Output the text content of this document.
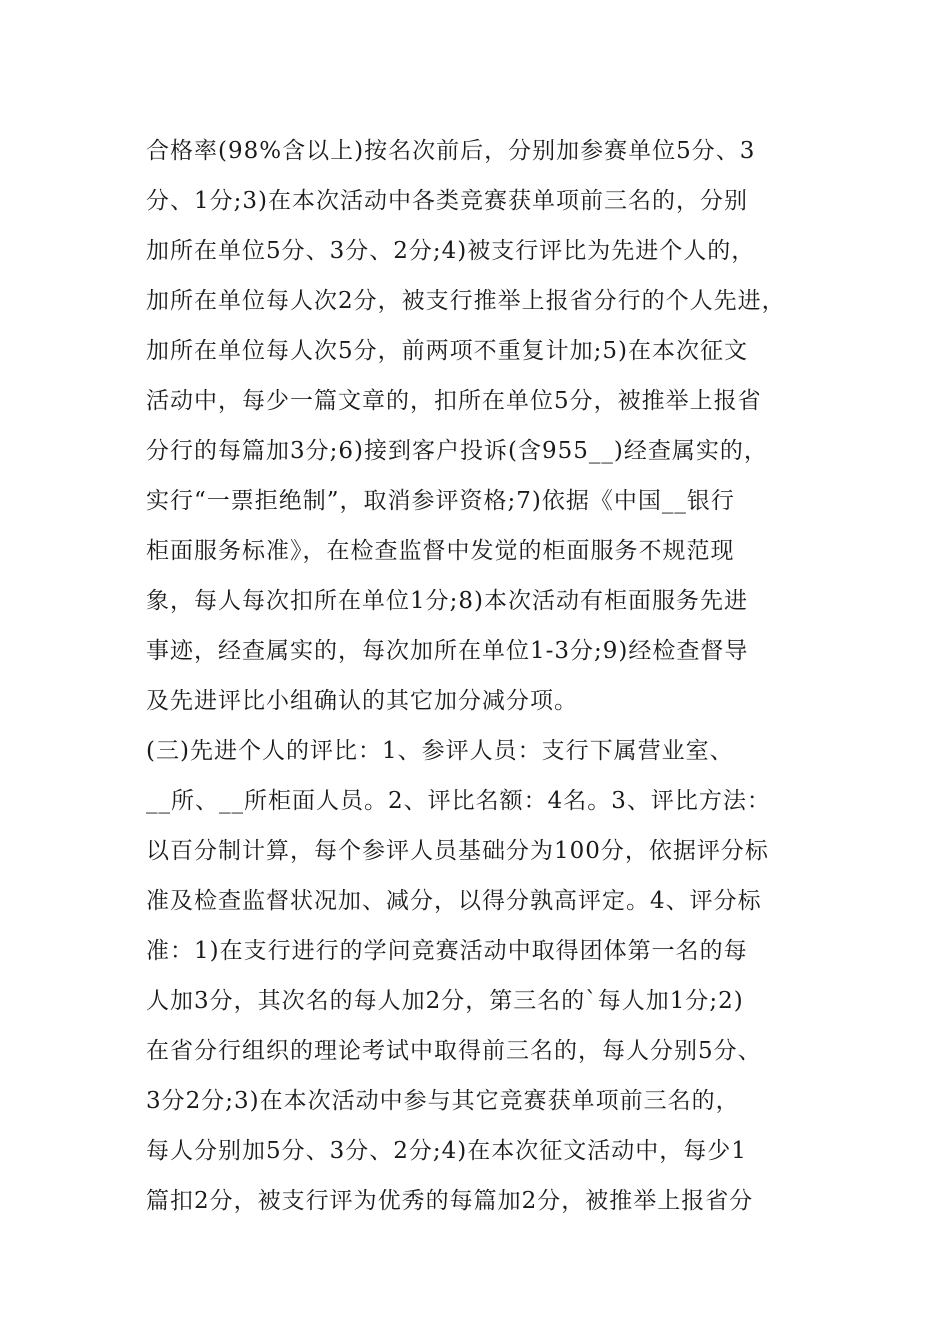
合格率(98%含以上)按名次前后，分别加参赛单位5分、3
分、1分;3)在本次活动中各类竞赛获单项前三名的，分别
加所在单位5分、3分、2分;4)被支行评比为先进个人的，
加所在单位每人次2分，被支行推举上报省分行的个人先进，
加所在单位每人次5分，前两项不重复计加;5)在本次征文
活动中，每少一篇文章的，扣所在单位5分，被推举上报省
分行的每篇加3分;6)接到客户投诉(含955__)经查属实的，
实行“一票拒绝制”，取消参评资格;7)依据《中国__银行
柜面服务标准》，在检查监督中发觉的柜面服务不规范现
象，每人每次扣所在单位1分;8)本次活动有柜面服务先进
事迹，经查属实的，每次加所在单位1-3分;9)经检查督导
及先进评比小组确认的其它加分减分项。
(三)先进个人的评比：1、参评人员：支行下属营业室、
__所、__所柜面人员。2、评比名额：4名。3、评比方法：
以百分制计算，每个参评人员基础分为100分，依据评分标
准及检查监督状况加、减分，以得分孰高评定。4、评分标
准：1)在支行进行的学问竞赛活动中取得团体第一名的每
人加3分，其次名的每人加2分，第三名的`每人加1分;2)
在省分行组织的理论考试中取得前三名的，每人分别5分、
3分2分;3)在本次活动中参与其它竞赛获单项前三名的，
每人分别加5分、3分、2分;4)在本次征文活动中，每少1
篇扣2分，被支行评为优秀的每篇加2分，被推举上报省分
